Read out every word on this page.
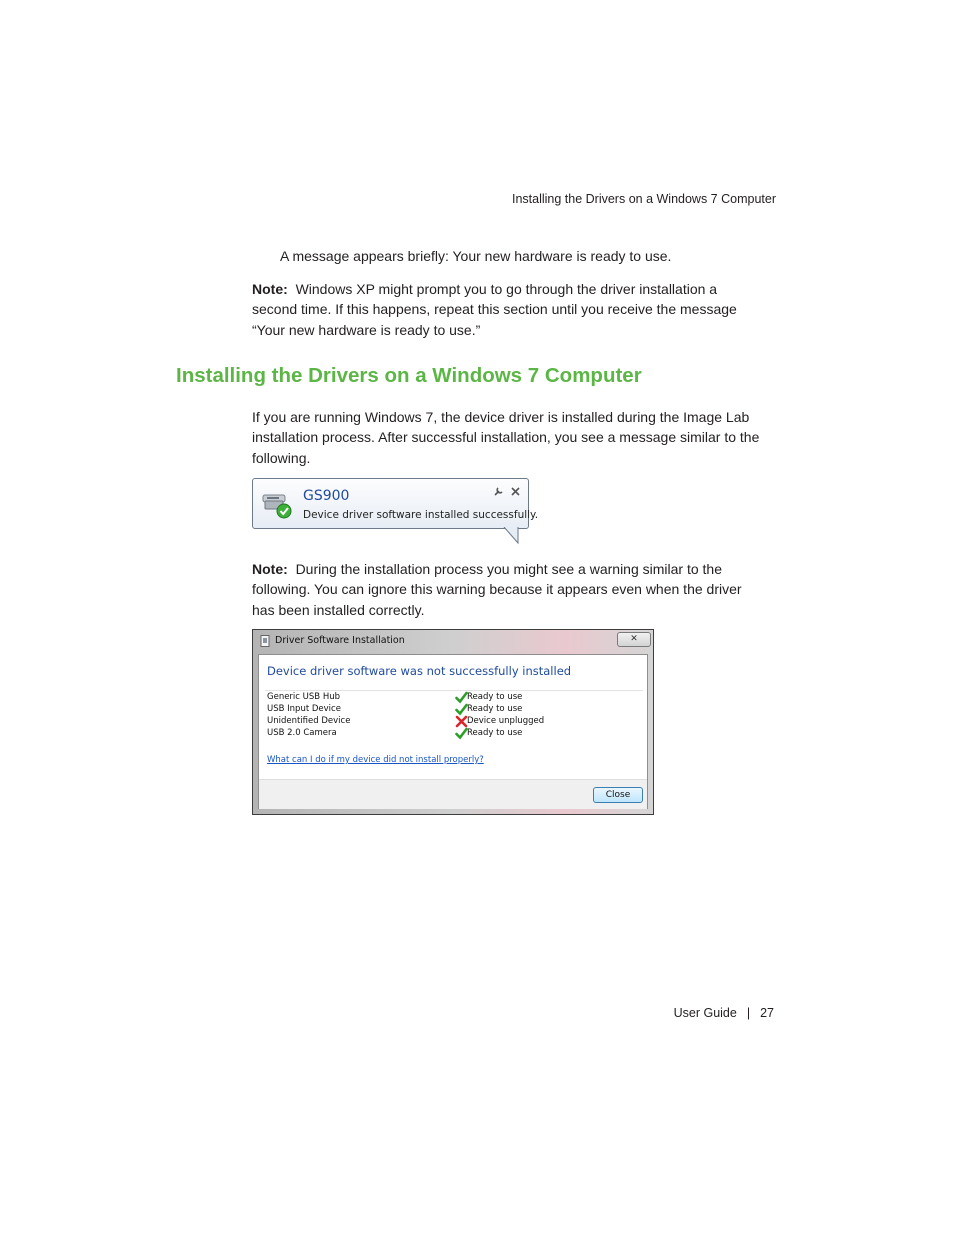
Installing the Drivers on a Windows 7 Computer
A message appears briefly: Your new hardware is ready to use.
Note: Windows XP might prompt you to go through the driver installation a
second time. If this happens, repeat this section until you receive the message
“Your new hardware is ready to use.”
Installing the Drivers on a Windows 7 Computer
If you are running Windows 7, the device driver is installed during the Image Lab
installation process. After successful installation, you see a message similar to the
following.
GS900
Device driver software installed successfully.
Note: During the installation process you might see a warning similar to the
following. You can ignore this warning because it appears even when the driver
has been installed correctly.
Driver Software Installation	✕
Device driver software was not successfully installed
Generic USB Hub	Ready to use
USB Input Device	Ready to use
Unidentified Device	Device unplugged
USB 2.0 Camera	Ready to use
What can I do if my device did not install properly?
Close
User Guide | 27
